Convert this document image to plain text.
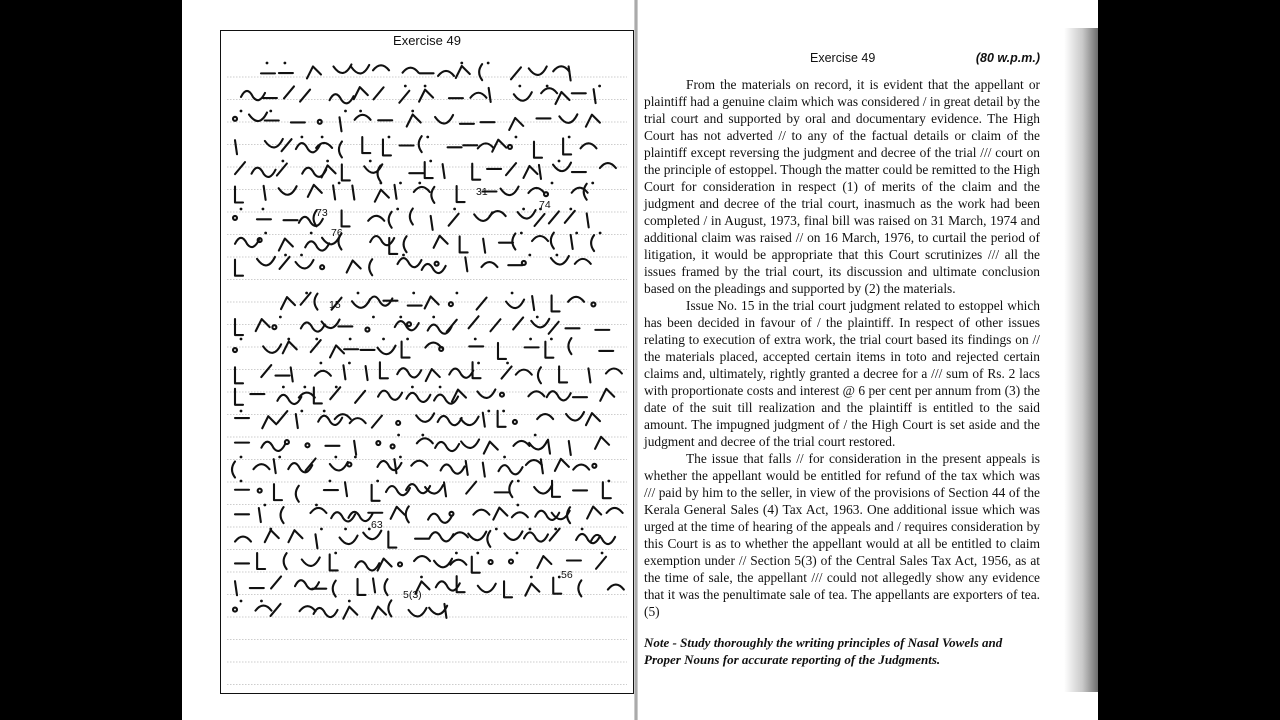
Exercise 49
73
74
76
31
15
63
5(3)
56
Exercise 49	(80 w.p.m.)

From the materials on record, it is evident that the appellant or plaintiff had a genuine claim which was considered / in great detail by the trial court and supported by oral and documentary evidence. The High Court has not adverted // to any of the factual details or claim of the plaintiff except reversing the judgment and decree of the trial /// court on the principle of estoppel. Though the matter could be remitted to the High Court for consideration in respect (1) of merits of the claim and the judgment and decree of the trial court, inasmuch as the work had been completed / in August, 1973, final bill was raised on 31 March, 1974 and additional claim was raised // on 16 March, 1976, to curtail the period of litigation, it would be appropriate that this Court scrutinizes /// all the issues framed by the trial court, its discussion and ultimate conclusion based on the pleadings and supported by (2) the materials.

Issue No. 15 in the trial court judgment related to estoppel which has been decided in favour of / the plaintiff. In respect of other issues relating to execution of extra work, the trial court based its findings on // the materials placed, accepted certain items in toto and rejected certain claims and, ultimately, rightly granted a decree for a /// sum of Rs. 2 lacs with proportionate costs and interest @ 6 per cent per annum from (3) the date of the suit till realization and the plaintiff is entitled to the said amount. The impugned judgment of / the High Court is set aside and the judgment and decree of the trial court restored.

The issue that falls // for consideration in the present appeals is whether the appellant would be entitled for refund of the tax which was /// paid by him to the seller, in view of the provisions of Section 44 of the Kerala General Sales (4) Tax Act, 1963. One additional issue which was urged at the time of hearing of the appeals and / requires consideration by this Court is as to whether the appellant would at all be entitled to claim exemption under // Section 5(3) of the Central Sales Tax Act, 1956, as at the time of sale, the appellant /// could not allegedly show any evidence that it was the penultimate sale of tea. The appellants are exporters of tea. (5)

Note - Study thoroughly the writing principles of Nasal Vowels and Proper Nouns for accurate reporting of the Judgments.
